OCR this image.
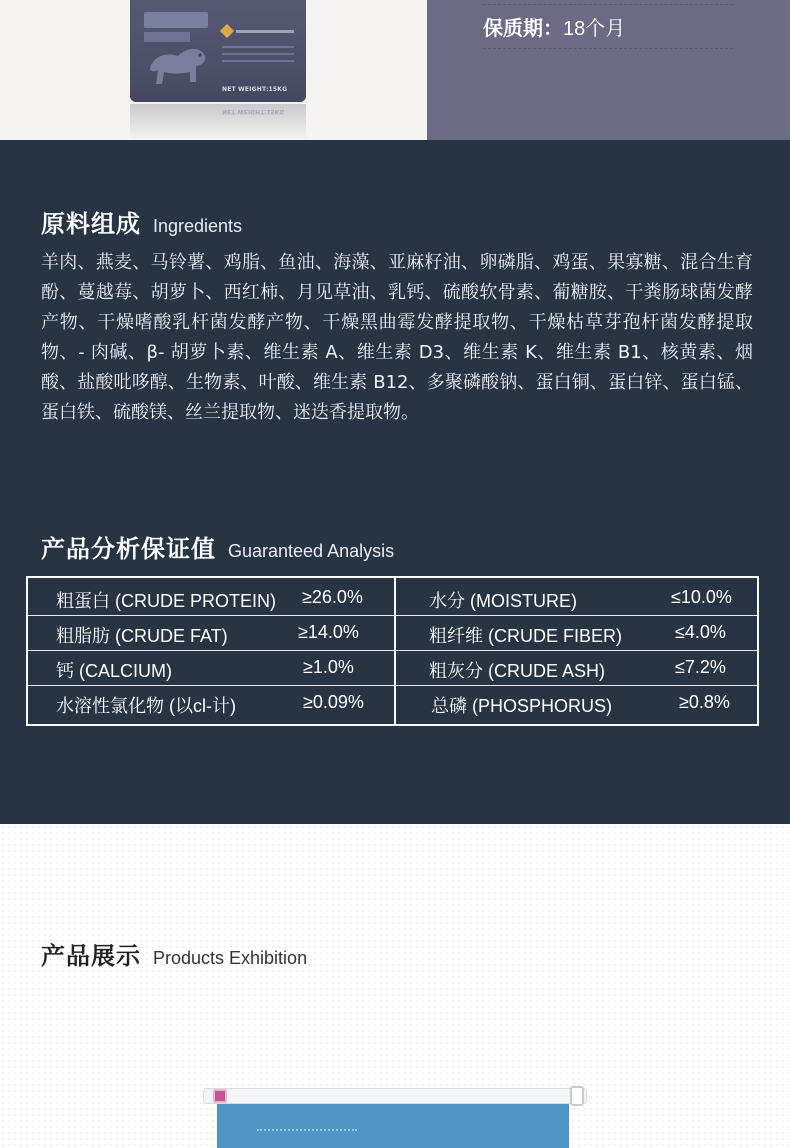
NET WEIGHT:15KG
NET WEIGHT:15KG
保质期： 18个月
原料组成 Ingredients

羊肉、燕麦、马铃薯、鸡脂、鱼油、海藻、亚麻籽油、卵磷脂、鸡蛋、果寡糖、混合生育酚、蔓越莓、胡萝卜、西红柿、月见草油、乳钙、硫酸软骨素、葡糖胺、干粪肠球菌发酵产物、干燥嗜酸乳杆菌发酵产物、干燥黑曲霉发酵提取物、干燥枯草芽孢杆菌发酵提取物、- 肉碱、β- 胡萝卜素、维生素 A、维生素 D3、维生素 K、维生素 B1、核黄素、烟酸、盐酸吡哆醇、生物素、叶酸、维生素 B12、多聚磷酸钠、蛋白铜、蛋白锌、蛋白锰、蛋白铁、硫酸镁、丝兰提取物、迷迭香提取物。

产品分析保证值 Guaranteed Analysis
粗蛋白 (CRUDE PROTEIN) ≥26.0%	水分 (MOISTURE)	≤10.0%
粗脂肪 (CRUDE FAT)	≥14.0%	粗纤维 (CRUDE FIBER)	≤4.0%
钙 (CALCIUM)	≥1.0%	粗灰分 (CRUDE ASH)	≤7.2%
水溶性氯化物 (以cl-计)	≥0.09%	总磷 (PHOSPHORUS)	≥0.8%
产品展示 Products Exhibition
